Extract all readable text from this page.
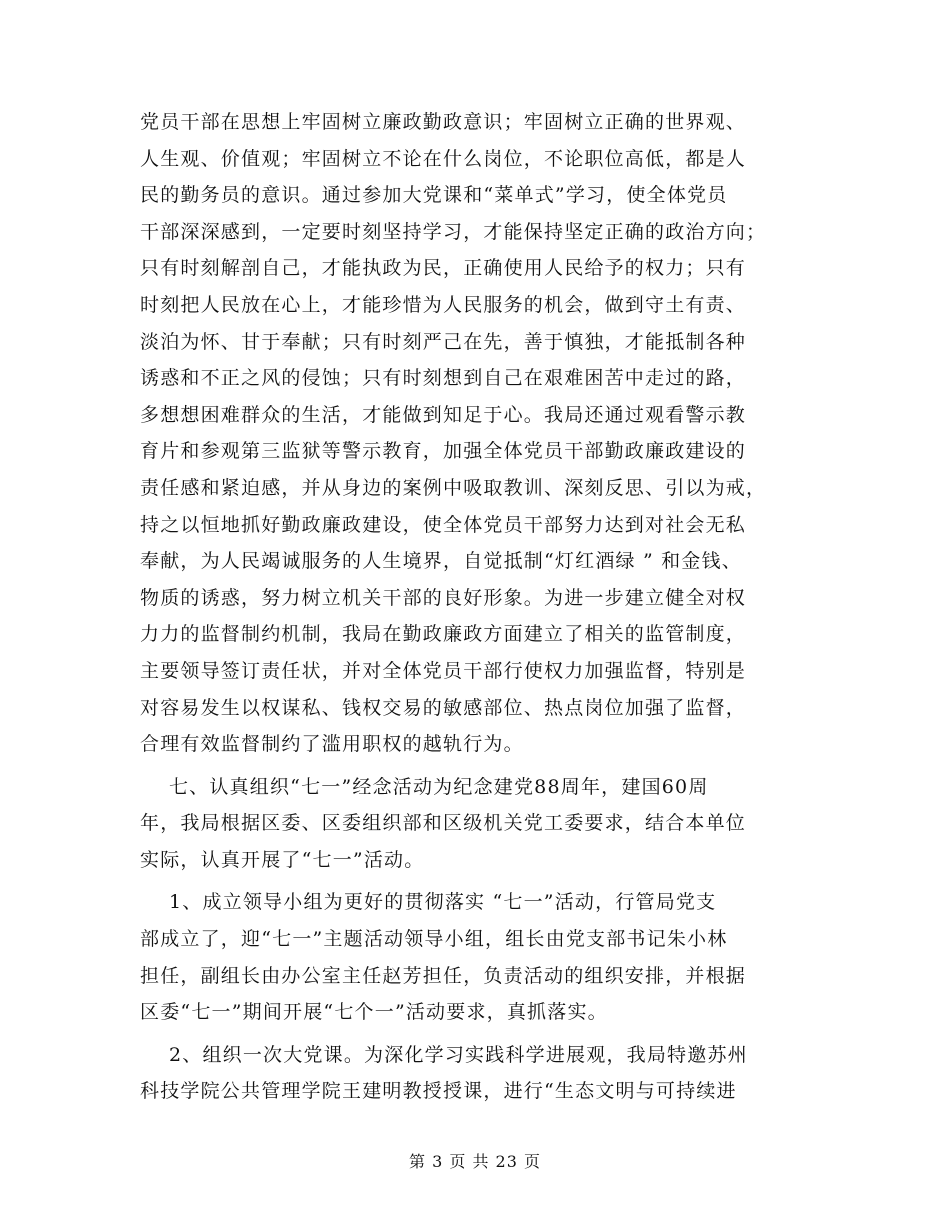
党员干部在思想上牢固树立廉政勤政意识；牢固树立正确的世界观、
人生观、价值观；牢固树立不论在什么岗位，不论职位高低，都是人
民的勤务员的意识。通过参加大党课和“菜单式”学习，使全体党员
干部深深感到，一定要时刻坚持学习，才能保持坚定正确的政治方向；
只有时刻解剖自己，才能执政为民，正确使用人民给予的权力；只有
时刻把人民放在心上，才能珍惜为人民服务的机会，做到守土有责、
淡泊为怀、甘于奉献；只有时刻严己在先，善于慎独，才能抵制各种
诱惑和不正之风的侵蚀；只有时刻想到自己在艰难困苦中走过的路，
多想想困难群众的生活，才能做到知足于心。我局还通过观看警示教
育片和参观第三监狱等警示教育，加强全体党员干部勤政廉政建设的
责任感和紧迫感，并从身边的案例中吸取教训、深刻反思、引以为戒，
持之以恒地抓好勤政廉政建设，使全体党员干部努力达到对社会无私
奉献，为人民竭诚服务的人生境界，自觉抵制“灯红酒绿 ” 和金钱、
物质的诱惑，努力树立机关干部的良好形象。为进一步建立健全对权
力力的监督制约机制，我局在勤政廉政方面建立了相关的监管制度，
主要领导签订责任状，并对全体党员干部行使权力加强监督，特别是
对容易发生以权谋私、钱权交易的敏感部位、热点岗位加强了监督，
合理有效监督制约了滥用职权的越轨行为。
七、认真组织“七一”经念活动为纪念建党88周年，建国60周
年，我局根据区委、区委组织部和区级机关党工委要求，结合本单位
实际，认真开展了“七一”活动。
1、成立领导小组为更好的贯彻落实 “七一”活动，行管局党支
部成立了，迎“七一”主题活动领导小组，组长由党支部书记朱小林
担任，副组长由办公室主任赵芳担任，负责活动的组织安排，并根据
区委“七一”期间开展“七个一”活动要求，真抓落实。
2、组织一次大党课。为深化学习实践科学进展观，我局特邀苏州
科技学院公共管理学院王建明教授授课，进行“生态文明与可持续进
第 3 页 共 23 页
